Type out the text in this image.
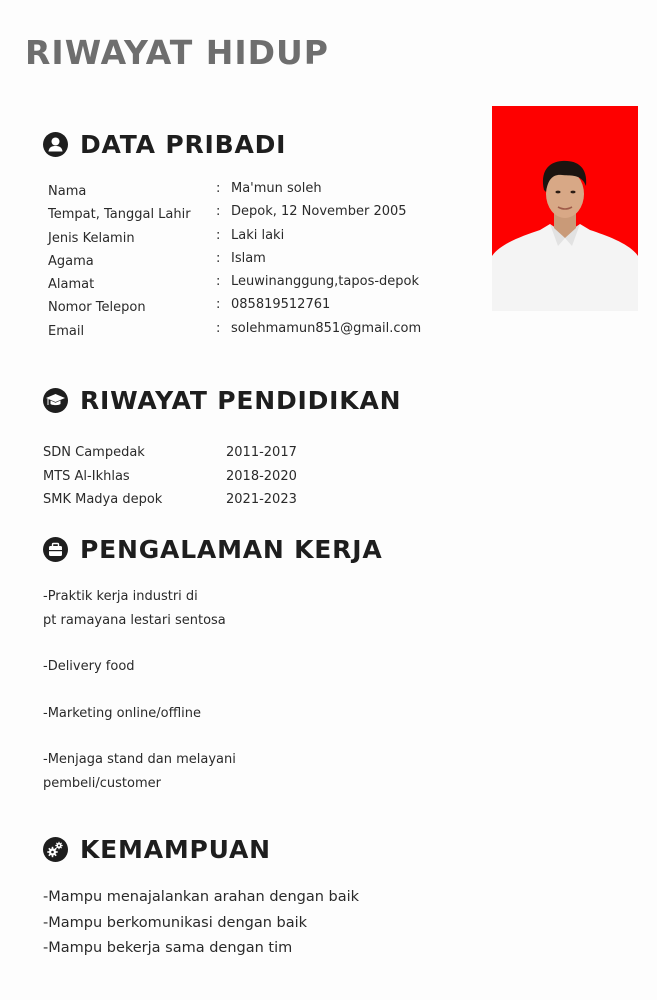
RIWAYAT HIDUP
DATA PRIBADI
Nama	: Ma'mun soleh
Tempat, Tanggal Lahir : Depok, 12 November 2005
Jenis Kelamin	: Laki laki
Agama	: Islam
Alamat	: Leuwinanggung,tapos-depok
Nomor Telepon	: 085819512761
Email	: solehmamun851@gmail.com
RIWAYAT PENDIDIKAN
SDN Campedak	2011-2017
MTS Al-Ikhlas	2018-2020
SMK Madya depok	2021-2023
PENGALAMAN KERJA
-Praktik kerja industri di
pt ramayana lestari sentosa
-Delivery food
-Marketing online/offline
-Menjaga stand dan melayani
pembeli/customer
KEMAMPUAN
-Mampu menajalankan arahan dengan baik
-Mampu berkomunikasi dengan baik
-Mampu bekerja sama dengan tim
